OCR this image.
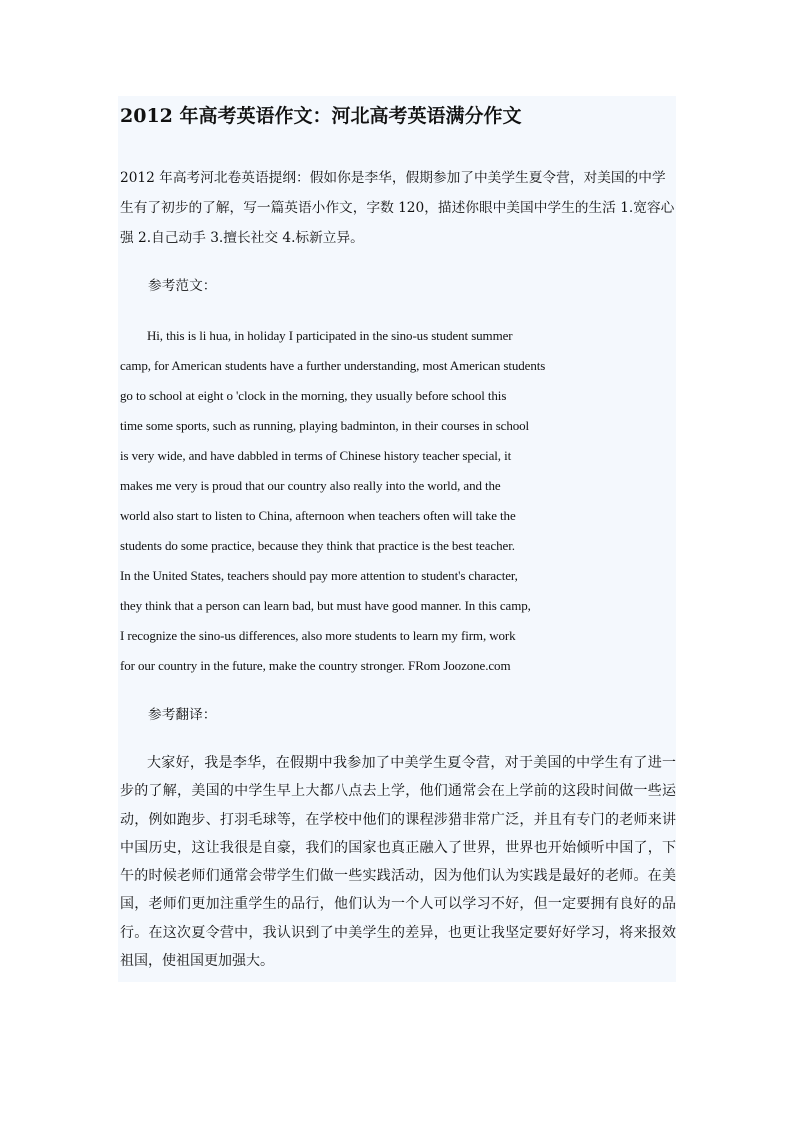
2012 年高考英语作文：河北高考英语满分作文

2012 年高考河北卷英语提纲：假如你是李华，假期参加了中美学生夏令营，对美国的中学生有了初步的了解，写一篇英语小作文，字数 120，描述你眼中美国中学生的生活 1.宽容心强 2.自己动手 3.擅长社交 4.标新立异。

参考范文：

Hi, this is li hua, in holiday I participated in the sino-us student summer
camp, for American students have a further understanding, most American students
go to school at eight o 'clock in the morning, they usually before school this
time some sports, such as running, playing badminton, in their courses in school
is very wide, and have dabbled in terms of Chinese history teacher special, it
makes me very is proud that our country also really into the world, and the
world also start to listen to China, afternoon when teachers often will take the
students do some practice, because they think that practice is the best teacher.
In the United States, teachers should pay more attention to student's character,
they think that a person can learn bad, but must have good manner. In this camp,
I recognize the sino-us differences, also more students to learn my firm, work
for our country in the future, make the country stronger. FRom Joozone.com

参考翻译：

大家好，我是李华，在假期中我参加了中美学生夏令营，对于美国的中学生有了进一步的了解，美国的中学生早上大都八点去上学，他们通常会在上学前的这段时间做一些运动，例如跑步、打羽毛球等，在学校中他们的课程涉猎非常广泛，并且有专门的老师来讲中国历史，这让我很是自豪，我们的国家也真正融入了世界，世界也开始倾听中国了，下午的时候老师们通常会带学生们做一些实践活动，因为他们认为实践是最好的老师。在美国，老师们更加注重学生的品行，他们认为一个人可以学习不好，但一定要拥有良好的品行。在这次夏令营中，我认识到了中美学生的差异，也更让我坚定要好好学习，将来报效祖国，使祖国更加强大。
